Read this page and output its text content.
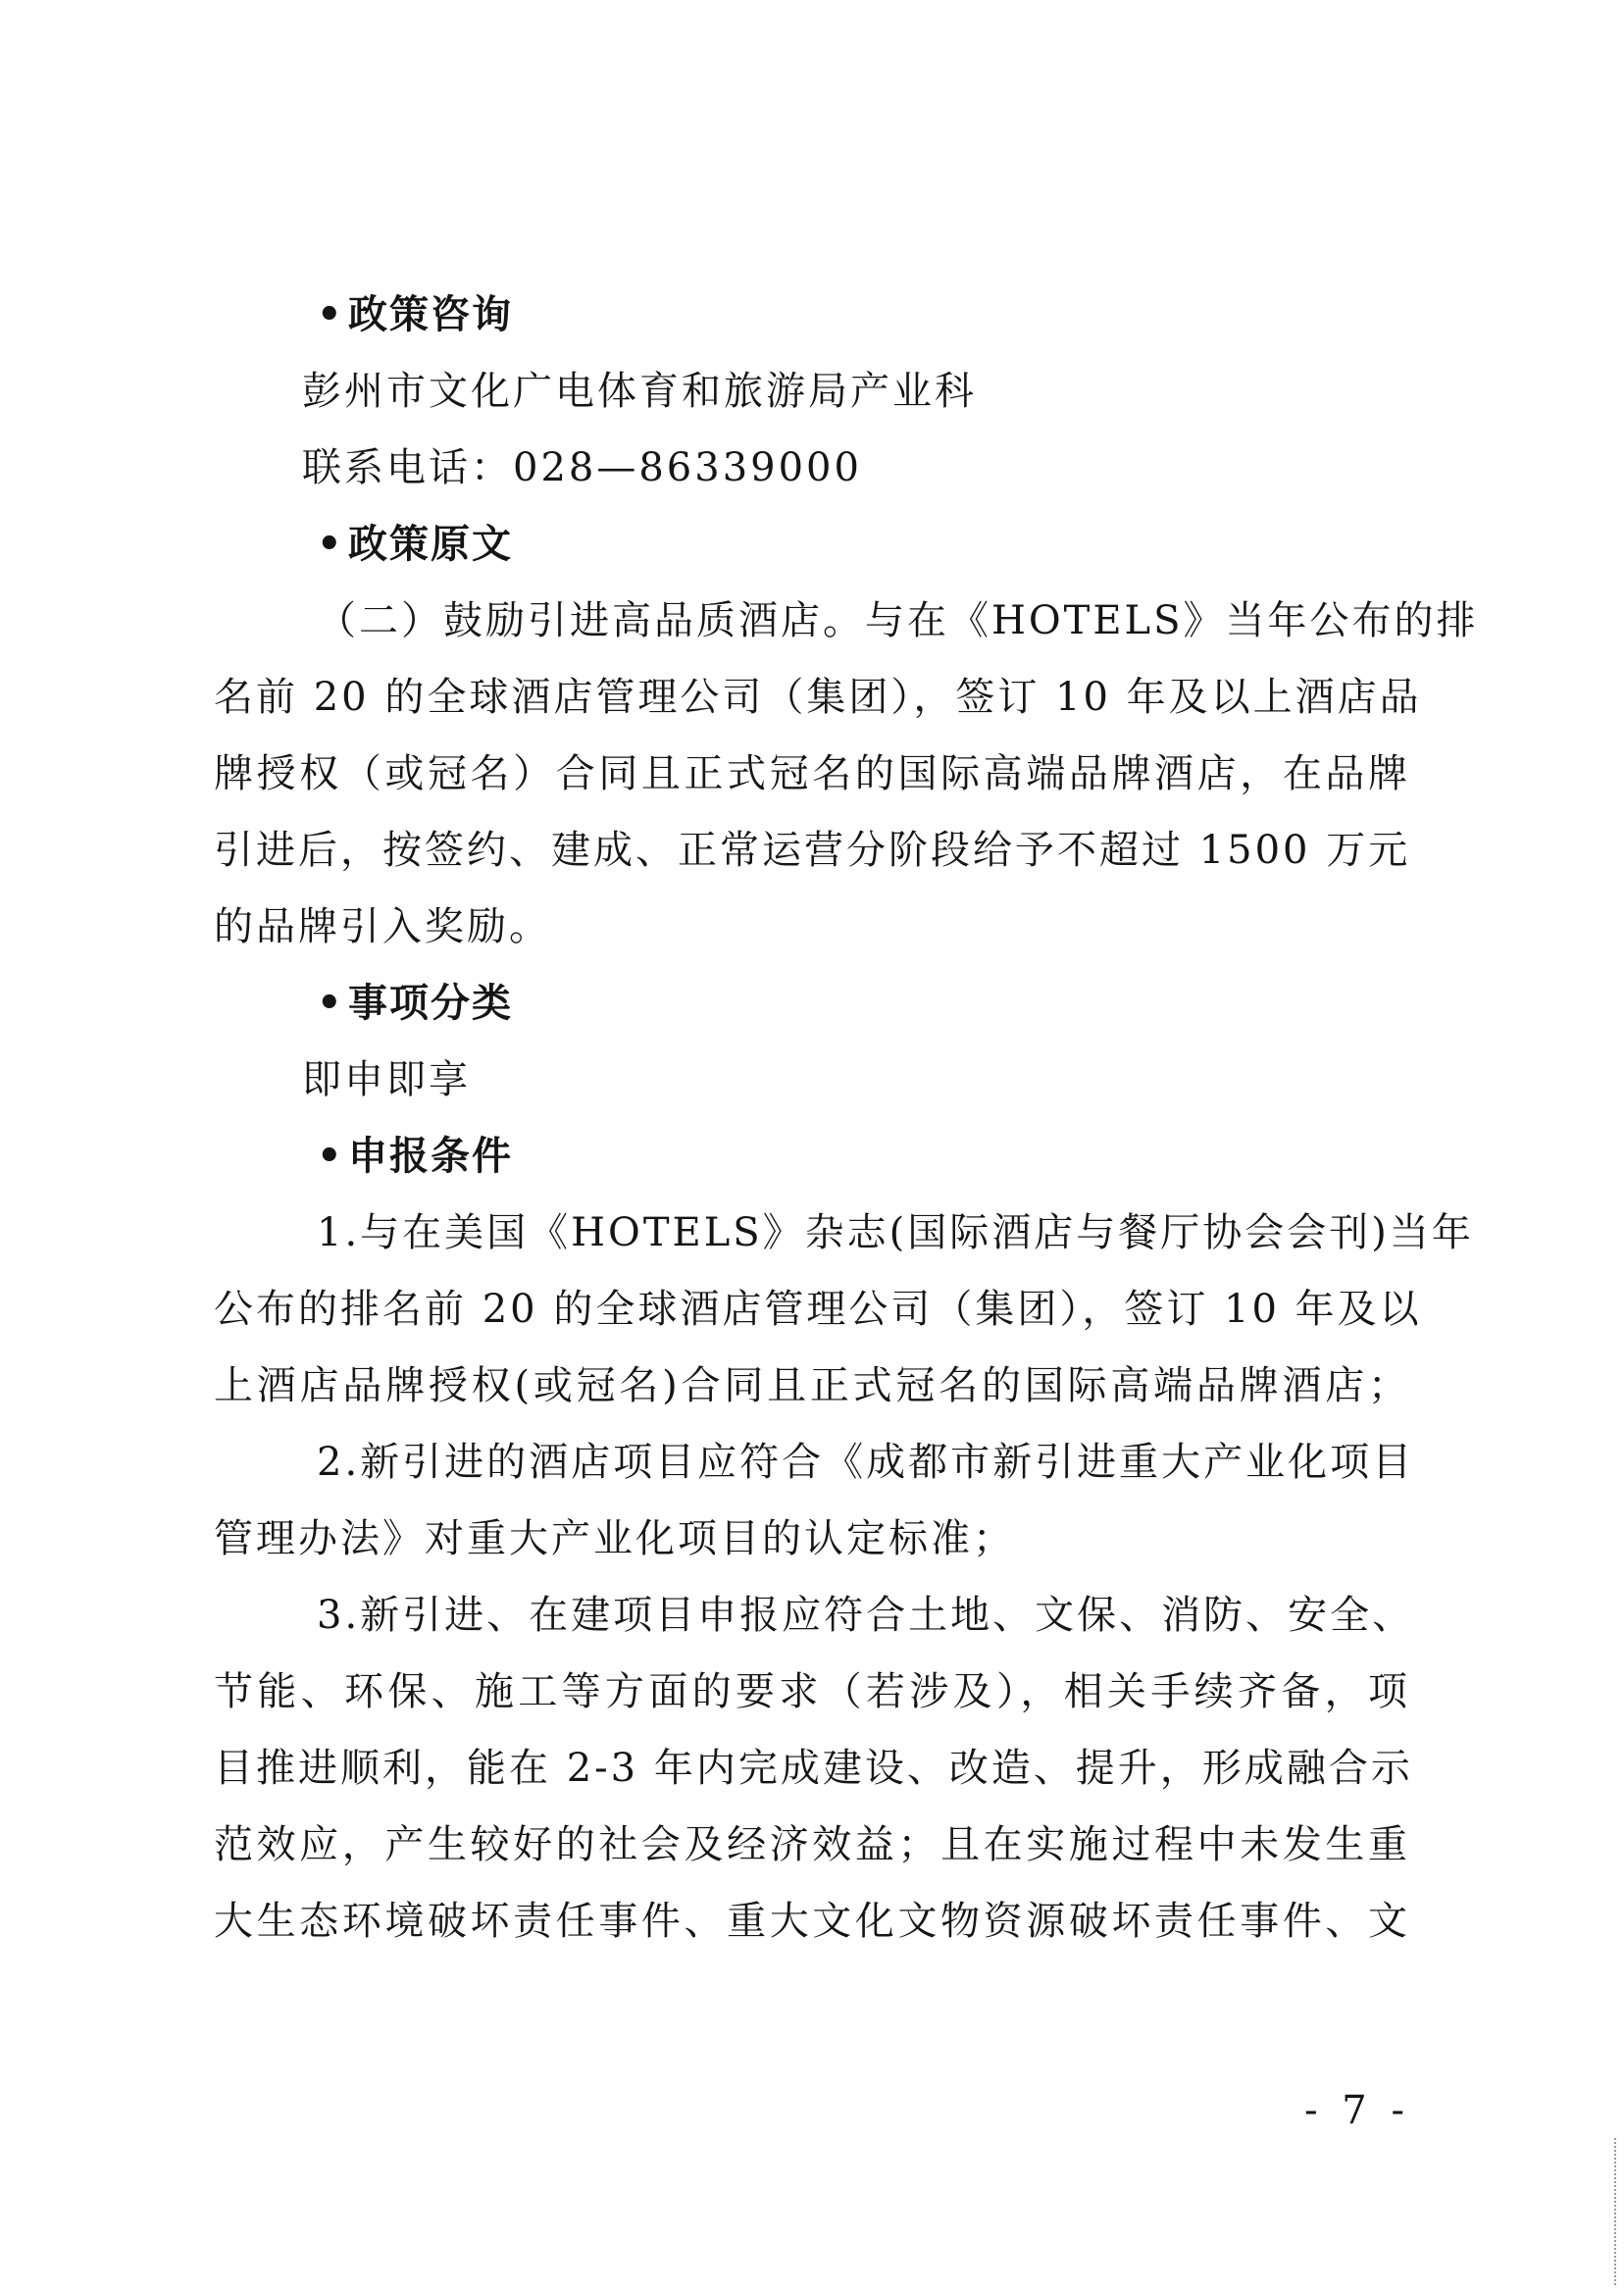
• 政策咨询
彭州市文化广电体育和旅游局产业科
联系电话：028—86339000
• 政策原文
（二）鼓励引进高品质酒店。与在《HOTELS》当年公布的排
名前 20 的全球酒店管理公司（集团），签订 10 年及以上酒店品
牌授权（或冠名）合同且正式冠名的国际高端品牌酒店，在品牌
引进后，按签约、建成、正常运营分阶段给予不超过 1500 万元
的品牌引入奖励。
• 事项分类
即申即享
• 申报条件
1.与在美国《HOTELS》杂志(国际酒店与餐厅协会会刊)当年
公布的排名前 20 的全球酒店管理公司（集团），签订 10 年及以
上酒店品牌授权(或冠名)合同且正式冠名的国际高端品牌酒店；
2.新引进的酒店项目应符合《成都市新引进重大产业化项目
管理办法》对重大产业化项目的认定标准；
3.新引进、在建项目申报应符合土地、文保、消防、安全、
节能、环保、施工等方面的要求（若涉及），相关手续齐备，项
目推进顺利，能在 2-3 年内完成建设、改造、提升，形成融合示
范效应，产生较好的社会及经济效益；且在实施过程中未发生重
大生态环境破坏责任事件、重大文化文物资源破坏责任事件、文
- 7 -
